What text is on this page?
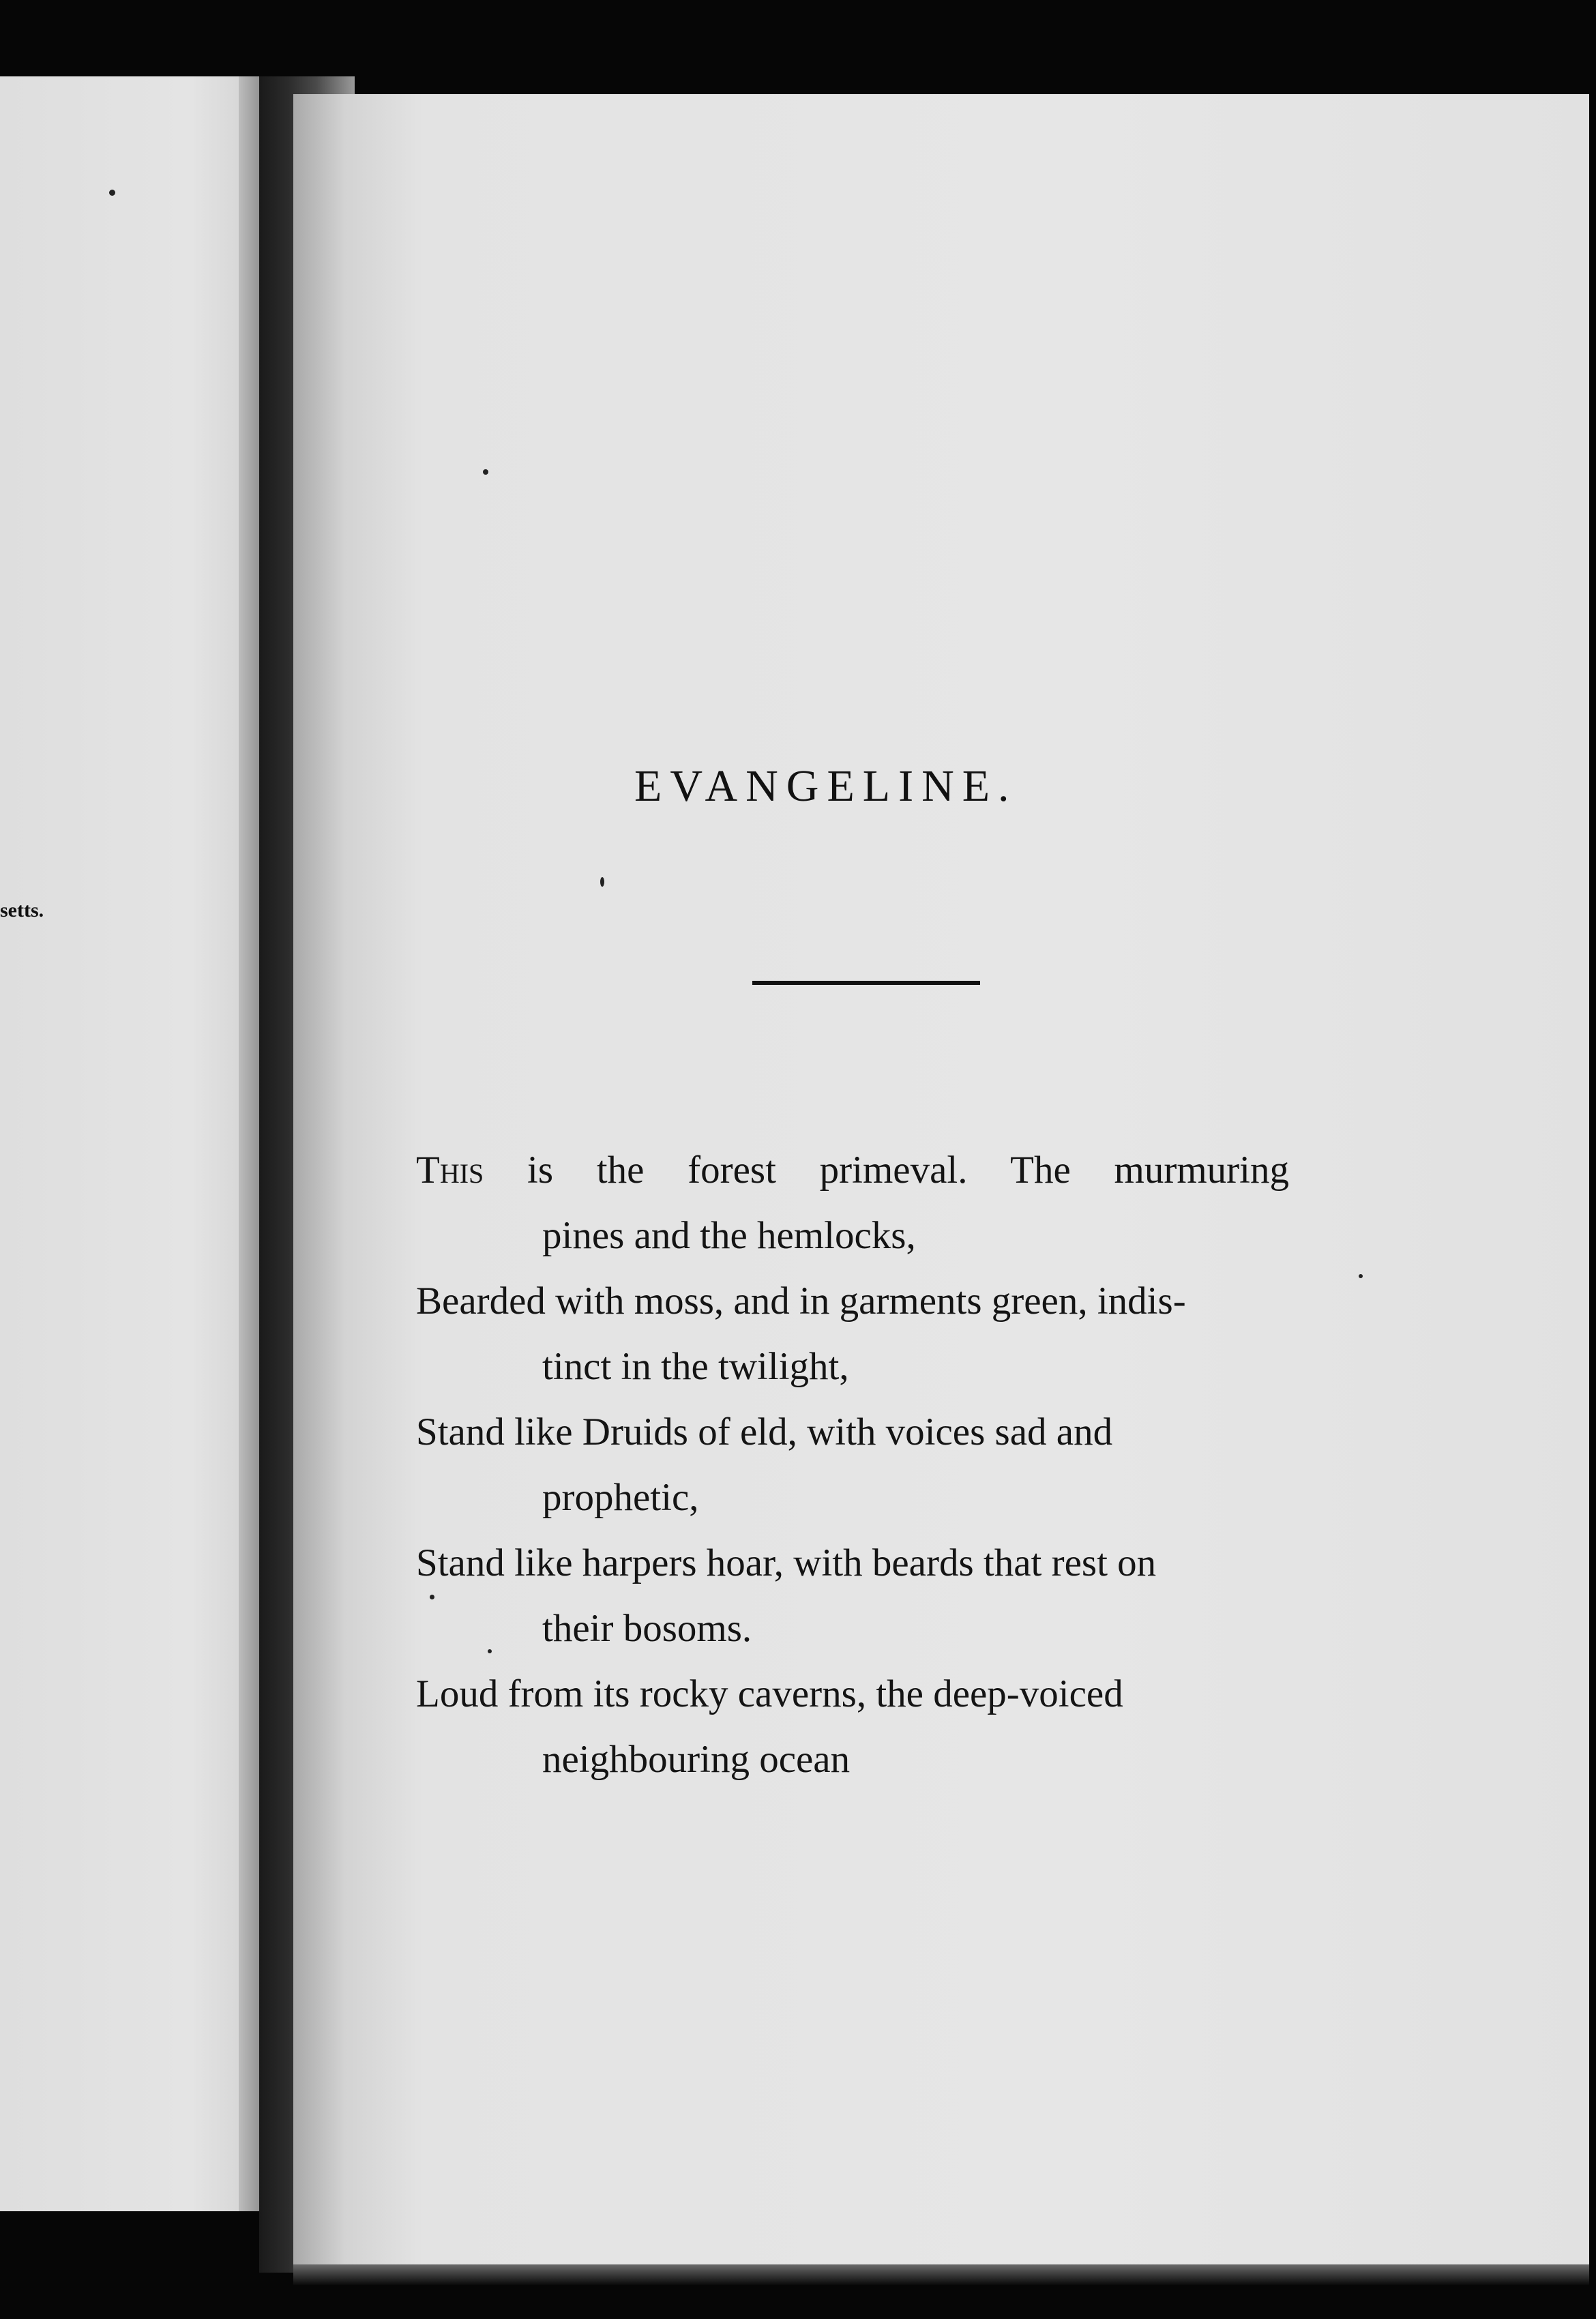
setts.
EVANGELINE.

This is the forest primeval. The murmuring

pines and the hemlocks,

Bearded with moss, and in garments green, indis-

tinct in the twilight,

Stand like Druids of eld, with voices sad and

prophetic,

Stand like harpers hoar, with beards that rest on

their bosoms.

Loud from its rocky caverns, the deep-voiced

neighbouring ocean
